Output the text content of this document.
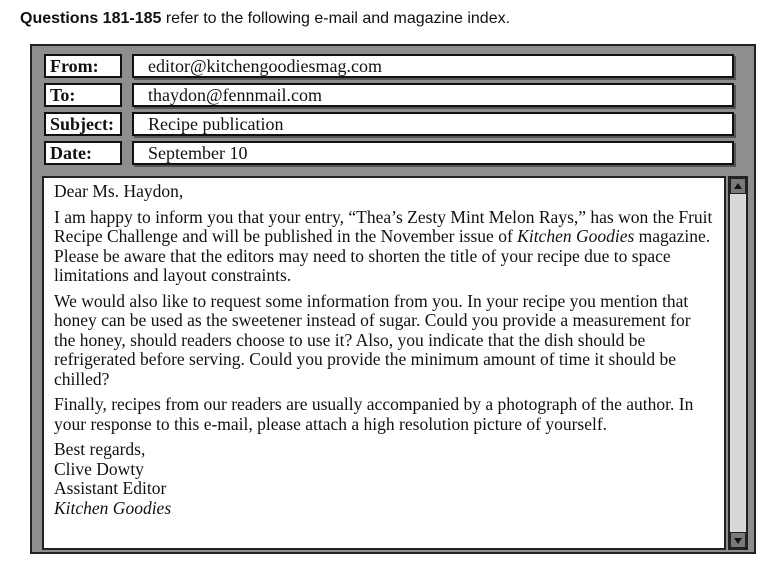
Questions 181-185 refer to the following e-mail and magazine index.
From:	editor@kitchengoodiesmag.com
To:	thaydon@fennmail.com
Subject:	Recipe publication
Date:	September 10

Dear Ms. Haydon,

I am happy to inform you that your entry, “Thea’s Zesty Mint Melon Rays,” has won the Fruit Recipe Challenge and will be published in the November issue of Kitchen Goodies magazine. Please be aware that the editors may need to shorten the title of your recipe due to space limitations and layout constraints.

We would also like to request some information from you. In your recipe you mention that honey can be used as the sweetener instead of sugar. Could you provide a measurement for the honey, should readers choose to use it? Also, you indicate that the dish should be refrigerated before serving. Could you provide the minimum amount of time it should be chilled?

Finally, recipes from our readers are usually accompanied by a photograph of the author. In your response to this e-mail, please attach a high resolution picture of yourself.

Best regards,
Clive Dowty
Assistant Editor
Kitchen Goodies
